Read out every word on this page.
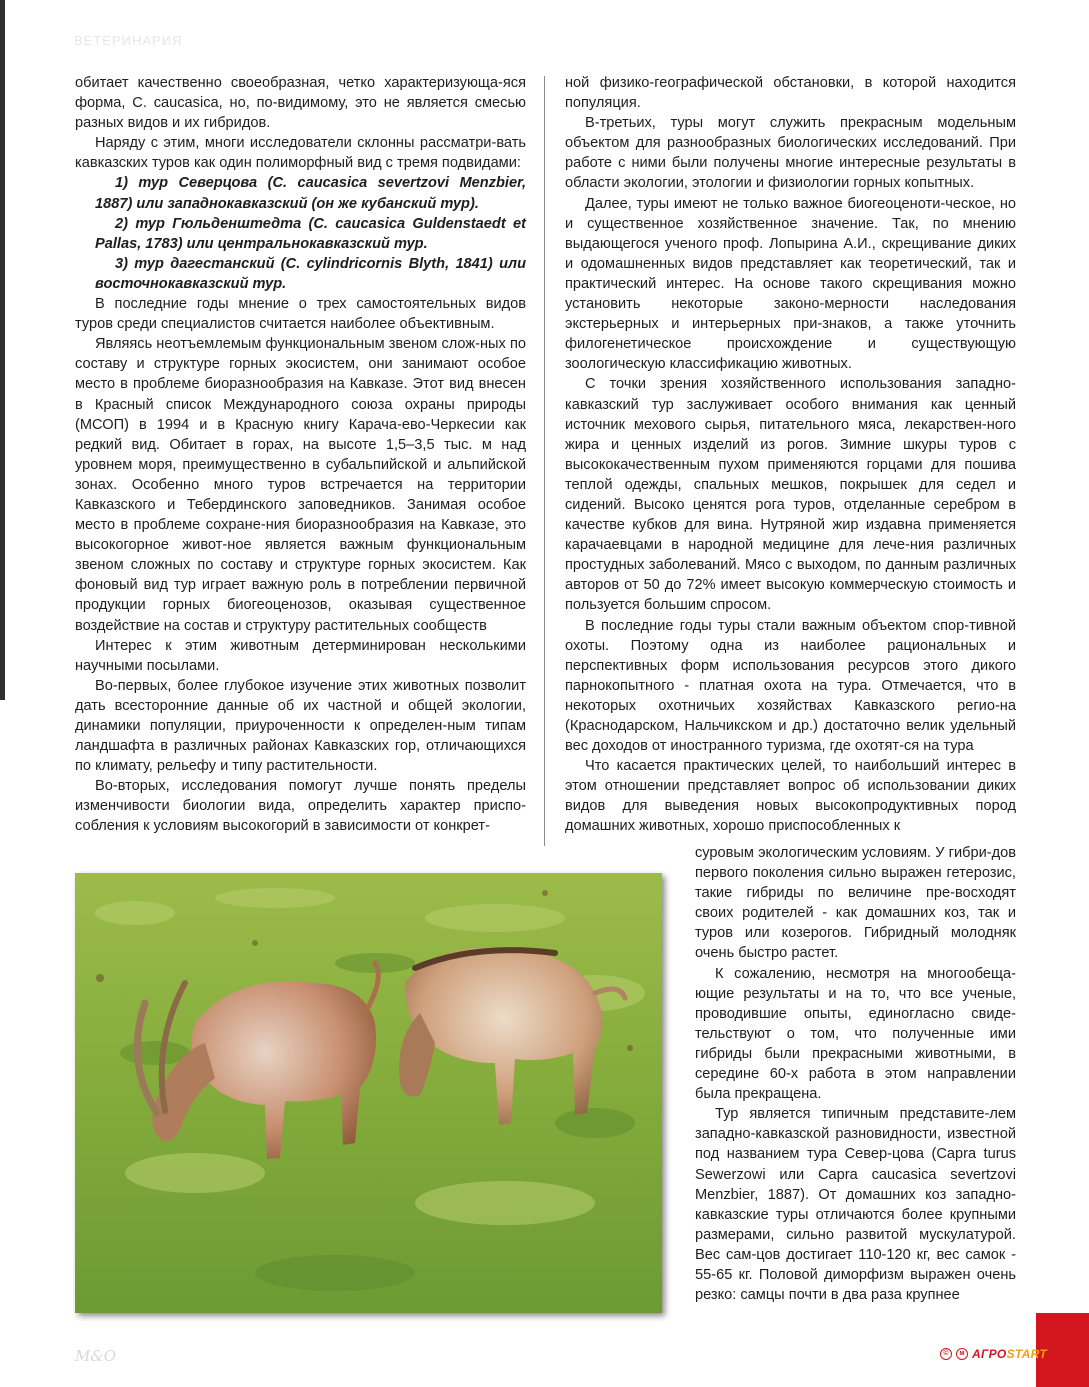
ВЕТЕРИНАРИЯ

обитает качественно своеобразная, четко характеризующа-яся форма, C. caucasica, но, по-видимому, это не является смесью разных видов и их гибридов.

Наряду с этим, многи исследователи склонны рассматри-вать кавказских туров как один полиморфный вид с тремя подвидами:

1) тур Северцова (C. caucasica severtzovi Menzbier, 1887) или западнокавказский (он же кубанский тур).

2) тур Гюльденштедта (C. caucasica Guldenstaedt et Pallas, 1783) или центральнокавказский тур.

3) тур дагестанский (C. cylindricornis Blyth, 1841) или восточнокавказский тур.

В последние годы мнение о трех самостоятельных видов туров среди специалистов считается наиболее объективным.

Являясь неотъемлемым функциональным звеном слож-ных по составу и структуре горных экосистем, они занимают особое место в проблеме биоразнообразия на Кавказе. Этот вид внесен в Красный список Международного союза охраны природы (МСОП) в 1994 и в Красную книгу Карача-ево-Черкесии как редкий вид. Обитает в горах, на высоте 1,5–3,5 тыс. м над уровнем моря, преимущественно в субальпийской и альпийской зонах. Особенно много туров встречается на территории Кавказского и Тебердинского заповедников. Занимая особое место в проблеме сохране-ния биоразнообразия на Кавказе, это высокогорное живот-ное является важным функциональным звеном сложных по составу и структуре горных экосистем. Как фоновый вид тур играет важную роль в потреблении первичной продукции горных биогеоценозов, оказывая существенное воздействие на состав и структуру растительных сообществ

Интерес к этим животным детерминирован несколькими научными посылами.

Во-первых, более глубокое изучение этих животных позволит дать всесторонние данные об их частной и общей экологии, динамики популяции, приуроченности к определен-ным типам ландшафта в различных районах Кавказских гор, отличающихся по климату, рельефу и типу растительности.

Во-вторых, исследования помогут лучше понять пределы изменчивости биологии вида, определить характер приспо-собления к условиям высокогорий в зависимости от конкрет-

ной физико-географической обстановки, в которой находится популяция.

В-третьих, туры могут служить прекрасным модельным объектом для разнообразных биологических исследований. При работе с ними были получены многие интересные результаты в области экологии, этологии и физиологии горных копытных.

Далее, туры имеют не только важное биогеоценоти-ческое, но и существенное хозяйственное значение. Так, по мнению выдающегося ученого проф. Лопырина А.И., скрещивание диких и одомашненных видов представляет как теоретический, так и практический интерес. На основе такого скрещивания можно установить некоторые законо-мерности наследования экстерьерных и интерьерных при-знаков, а также уточнить филогенетическое происхождение и существующую зоологическую классификацию животных.

С точки зрения хозяйственного использования западно-кавказский тур заслуживает особого внимания как ценный источник мехового сырья, питательного мяса, лекарствен-ного жира и ценных изделий из рогов. Зимние шкуры туров с высококачественным пухом применяются горцами для пошива теплой одежды, спальных мешков, покрышек для седел и сидений. Высоко ценятся рога туров, отделанные серебром в качестве кубков для вина. Нутряной жир издавна применяется карачаевцами в народной медицине для лече-ния различных простудных заболеваний. Мясо с выходом, по данным различных авторов от 50 до 72% имеет высокую коммерческую стоимость и пользуется большим спросом.

В последние годы туры стали важным объектом спор-тивной охоты. Поэтому одна из наиболее рациональных и перспективных форм использования ресурсов этого дикого парнокопытного - платная охота на тура. Отмечается, что в некоторых охотничьих хозяйствах Кавказского регио-на (Краснодарском, Нальчикском и др.) достаточно велик удельный вес доходов от иностранного туризма, где охотят-ся на тура

Что касается практических целей, то наибольший интерес в этом отношении представляет вопрос об использовании диких видов для выведения новых высокопродуктивных пород домашних животных, хорошо приспособленных к

суровым экологическим условиям. У гибри-дов первого поколения сильно выражен гетерозис, такие гибриды по величине пре-восходят своих родителей - как домашних коз, так и туров или козерогов. Гибридный молодняк очень быстро растет.

К сожалению, несмотря на многообеща-ющие результаты и на то, что все ученые, проводившие опыты, единогласно свиде-тельствуют о том, что полученные ими гибриды были прекрасными животными, в середине 60-х работа в этом направлении была прекращена.

Тур является типичным представите-лем западно-кавказской разновидности, известной под названием тура Север-цова (Capra turus Sewerzowi или Capra caucasica severtzovi Menzbier, 1887). От домашних коз западно-кавказские туры отличаются более крупными размерами, сильно развитой мускулатурой. Вес сам-цов достигает 110-120 кг, вес самок - 55-65 кг. Половой диморфизм выражен очень резко: самцы почти в два раза крупнее

М&О	©	м АГРОSTART
